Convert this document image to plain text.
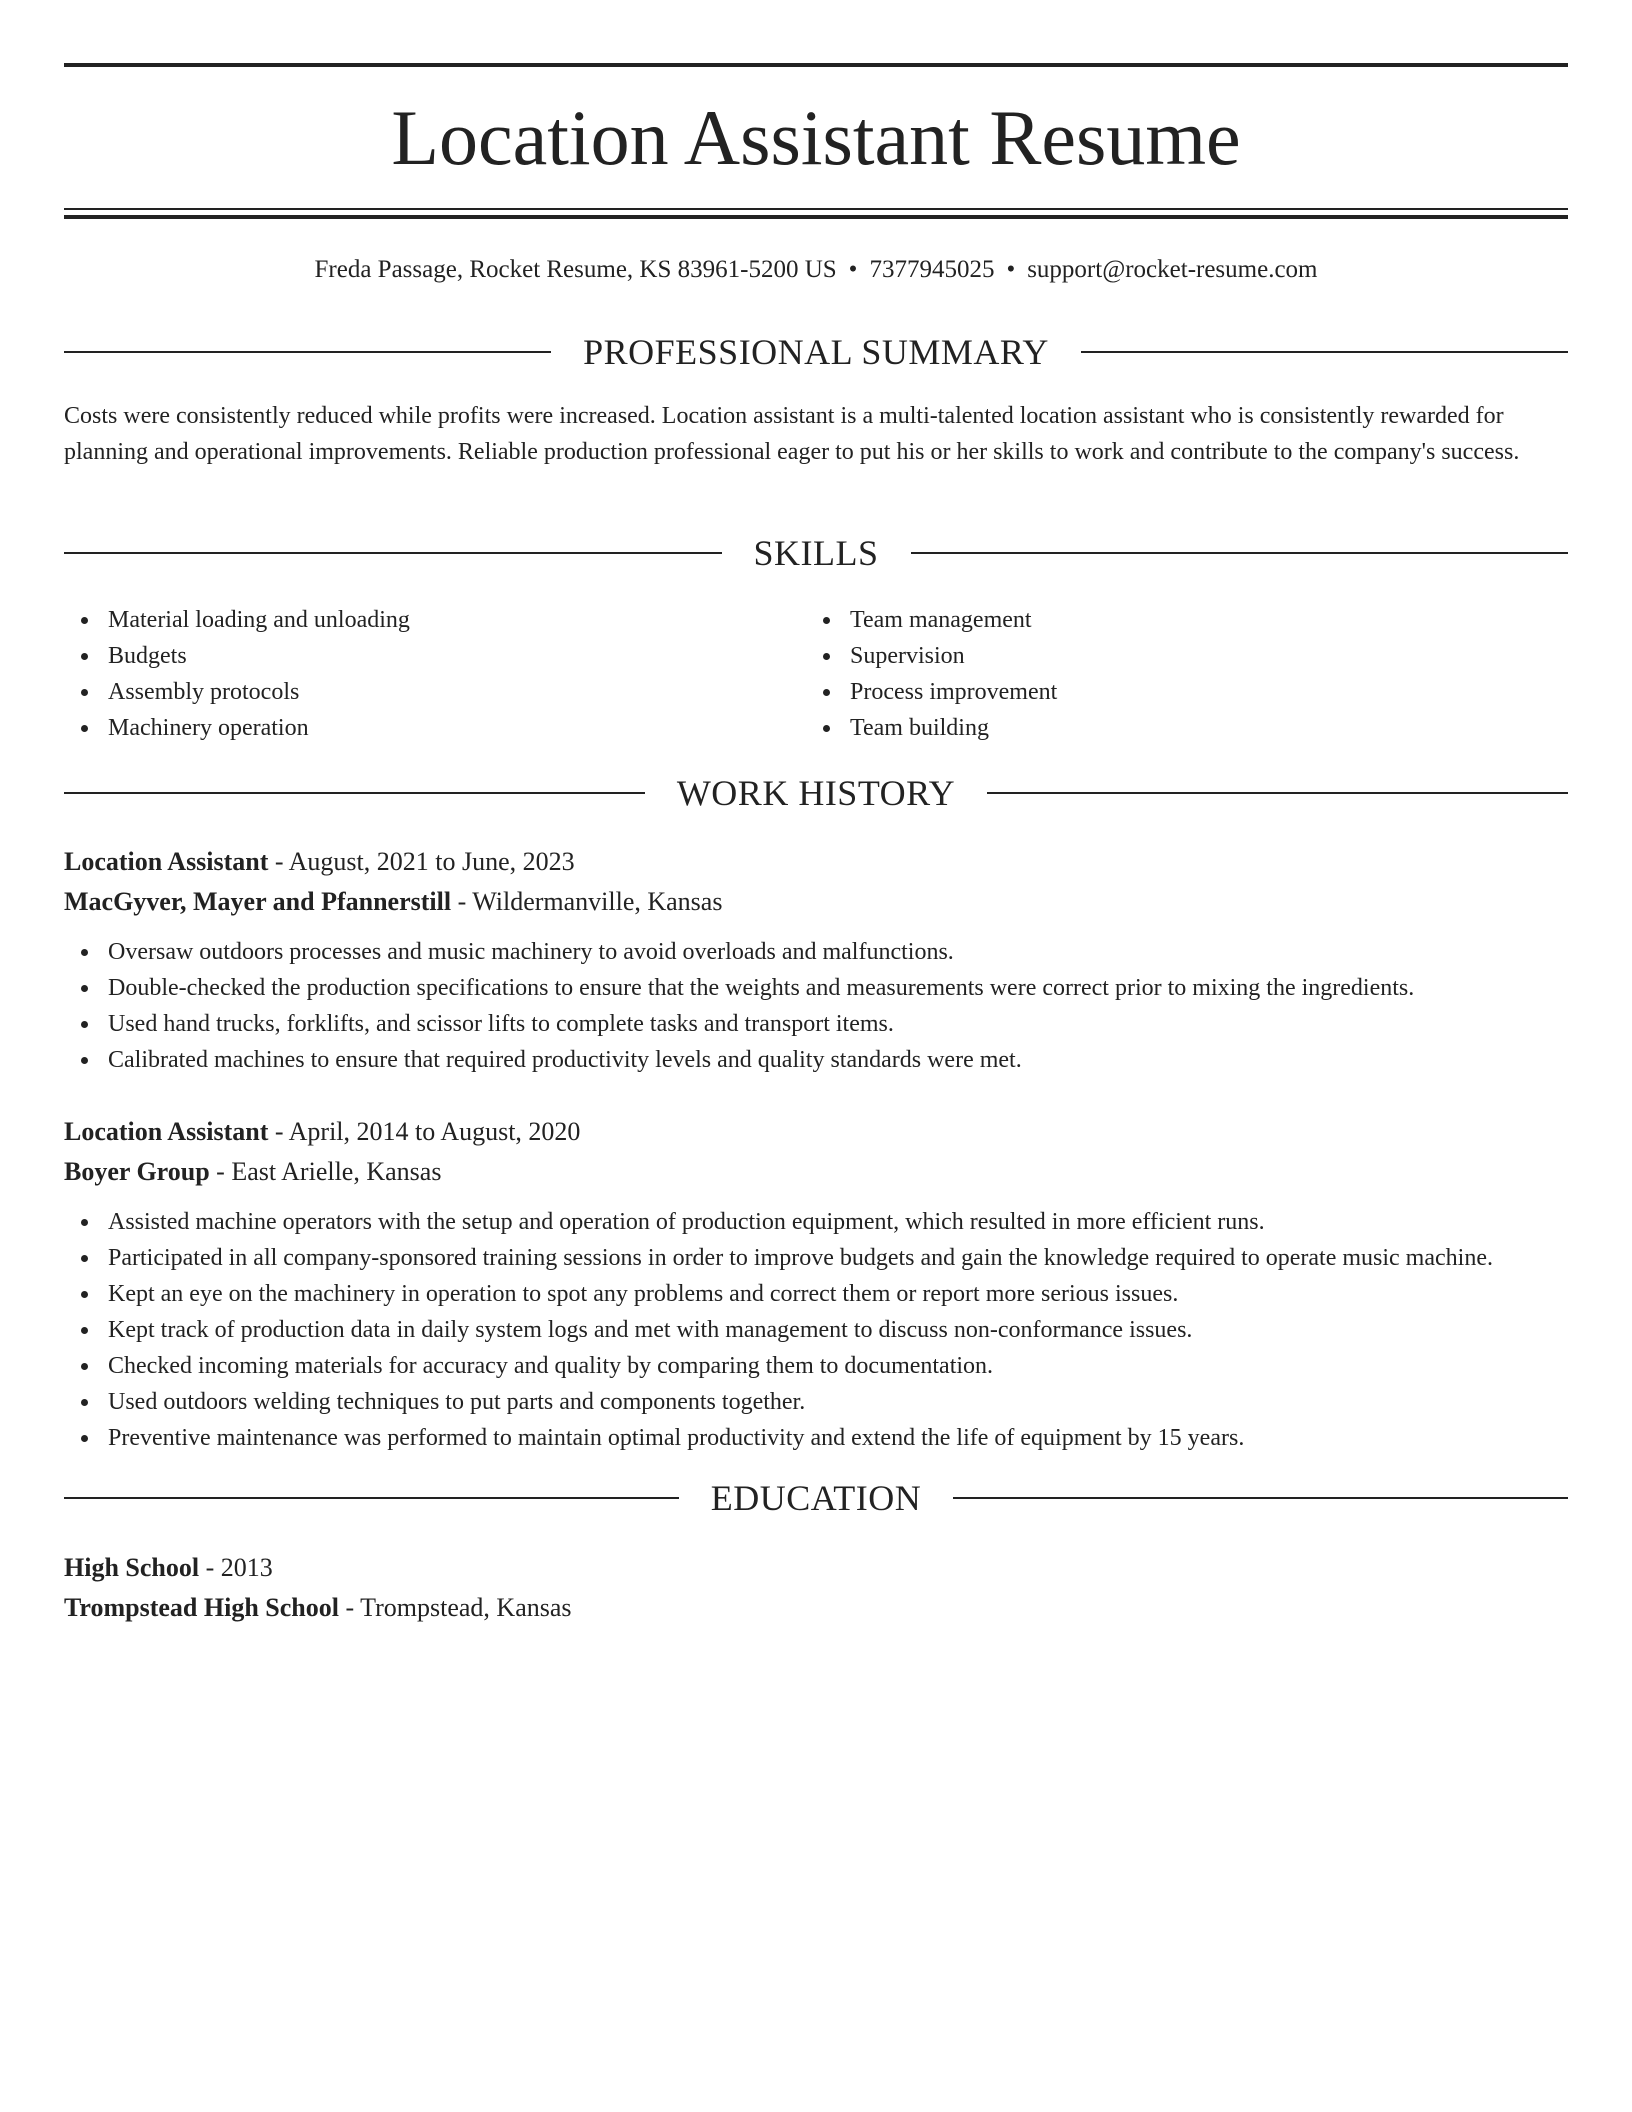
Location Assistant Resume
Freda Passage, Rocket Resume, KS 83961-5200 US • 7377945025 • support@rocket-resume.com
PROFESSIONAL SUMMARY

Costs were consistently reduced while profits were increased. Location assistant is a multi-talented location assistant who is consistently rewarded for planning and operational improvements. Reliable production professional eager to put his or her skills to work and contribute to the company's success.

SKILLS
Material loading and unloading
Budgets
Assembly protocols
Machinery operation
Team management
Supervision
Process improvement
Team building
WORK HISTORY
Location Assistant - August, 2021 to June, 2023
MacGyver, Mayer and Pfannerstill - Wildermanville, Kansas
Oversaw outdoors processes and music machinery to avoid overloads and malfunctions.
Double-checked the production specifications to ensure that the weights and measurements were correct prior to mixing the ingredients.
Used hand trucks, forklifts, and scissor lifts to complete tasks and transport items.
Calibrated machines to ensure that required productivity levels and quality standards were met.
Location Assistant - April, 2014 to August, 2020
Boyer Group - East Arielle, Kansas
Assisted machine operators with the setup and operation of production equipment, which resulted in more efficient runs.
Participated in all company-sponsored training sessions in order to improve budgets and gain the knowledge required to operate music machine.
Kept an eye on the machinery in operation to spot any problems and correct them or report more serious issues.
Kept track of production data in daily system logs and met with management to discuss non-conformance issues.
Checked incoming materials for accuracy and quality by comparing them to documentation.
Used outdoors welding techniques to put parts and components together.
Preventive maintenance was performed to maintain optimal productivity and extend the life of equipment by 15 years.
EDUCATION
High School - 2013
Trompstead High School - Trompstead, Kansas
